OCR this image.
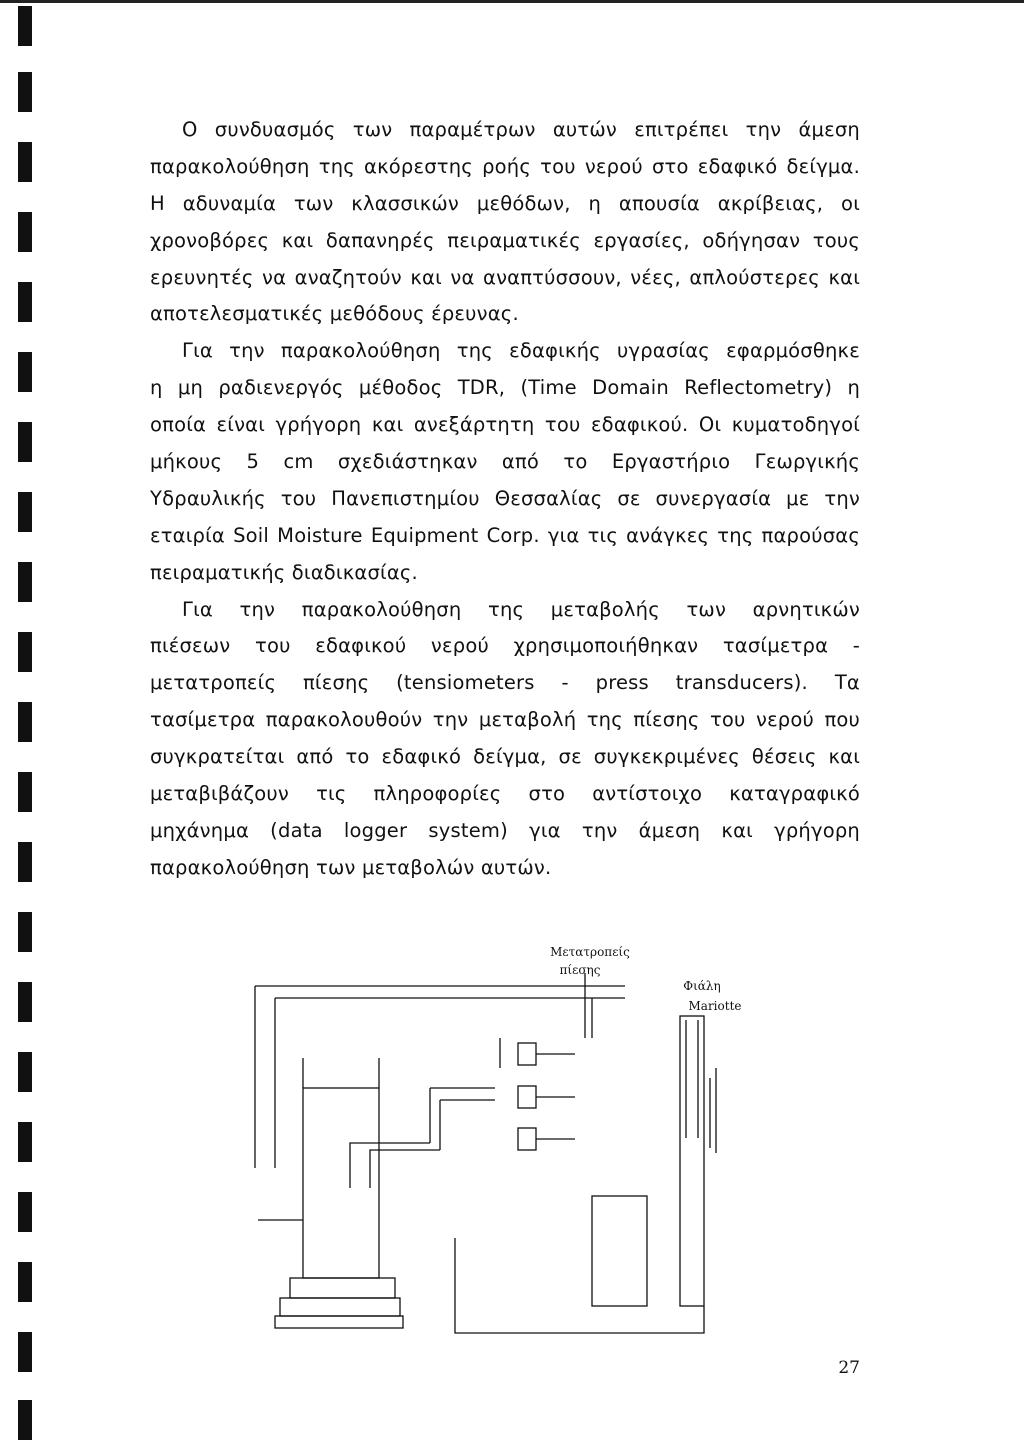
Ο συνδυασμός των παραμέτρων αυτών επιτρέπει την άμεση
παρακολούθηση της ακόρεστης ροής του νερού στο εδαφικό δείγμα.
Η αδυναμία των κλασσικών μεθόδων, η απουσία ακρίβειας, οι
χρονοβόρες και δαπανηρές πειραματικές εργασίες, οδήγησαν τους
ερευνητές να αναζητούν και να αναπτύσσουν, νέες, απλούστερες και
αποτελεσματικές μεθόδους έρευνας.
Για την παρακολούθηση της εδαφικής υγρασίας εφαρμόσθηκε
η μη ραδιενεργός μέθοδος TDR, (Time Domain Reflectometry) η
οποία είναι γρήγορη και ανεξάρτητη του εδαφικού. Οι κυματοδηγοί
μήκους 5 cm σχεδιάστηκαν από το Εργαστήριο Γεωργικής
Υδραυλικής του Πανεπιστημίου Θεσσαλίας σε συνεργασία με την
εταιρία Soil Moisture Equipment Corp. για τις ανάγκες της παρούσας
πειραματικής διαδικασίας.
Για την παρακολούθηση της μεταβολής των αρνητικών
πιέσεων του εδαφικού νερού χρησιμοποιήθηκαν τασίμετρα -
μετατροπείς πίεσης (tensiometers - press transducers). Τα
τασίμετρα παρακολουθούν την μεταβολή της πίεσης του νερού που
συγκρατείται από το εδαφικό δείγμα, σε συγκεκριμένες θέσεις και
μεταβιβάζουν τις πληροφορίες στο αντίστοιχο καταγραφικό
μηχάνημα (data logger system) για την άμεση και γρήγορη
παρακολούθηση των μεταβολών αυτών.
Μετατροπείς
πίεσης
Φιάλη
Mariotte
27
